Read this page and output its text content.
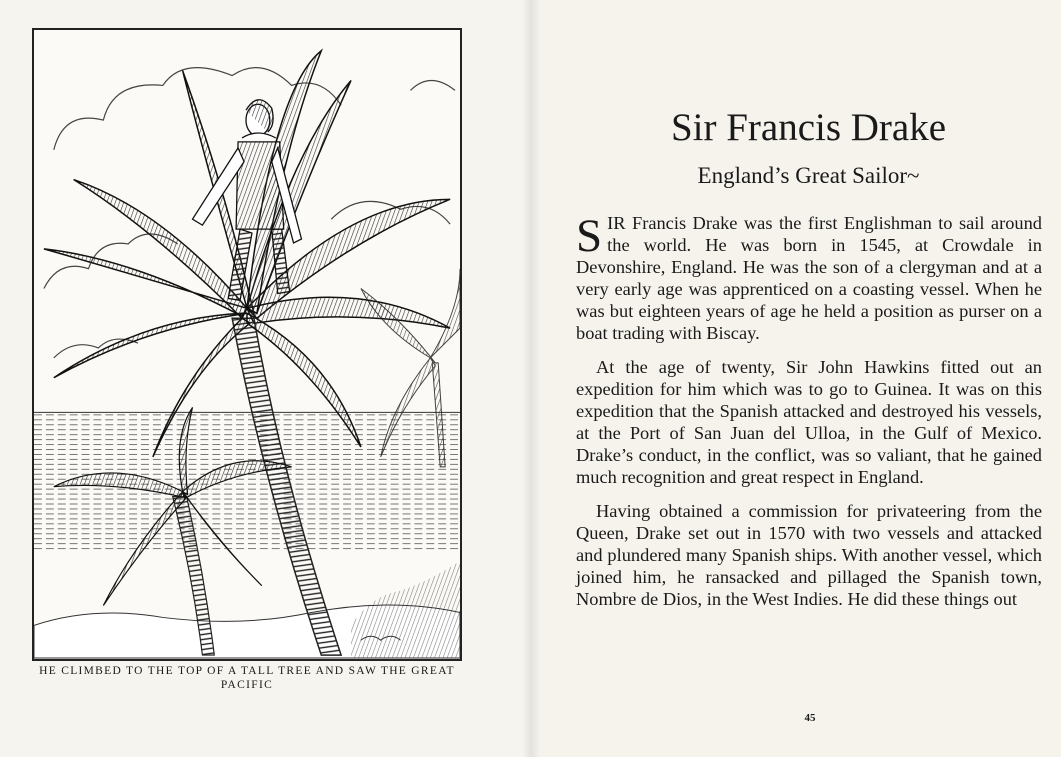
HE CLIMBED TO THE TOP OF A TALL TREE AND SAW THE GREAT PACIFIC
Sir Francis Drake
England’s Great Sailor~

SIR Francis Drake was the first Englishman to sail around the world. He was born in 1545, at Crowdale in Devonshire, England. He was the son of a clergyman and at a very early age was apprenticed on a coasting vessel. When he was but eighteen years of age he held a position as purser on a boat trading with Biscay.

At the age of twenty, Sir John Hawkins fitted out an expedition for him which was to go to Guinea. It was on this expedition that the Spanish attacked and destroyed his vessels, at the Port of San Juan del Ulloa, in the Gulf of Mexico. Drake’s conduct, in the conflict, was so valiant, that he gained much recognition and great respect in England.

Having obtained a commission for privateering from the Queen, Drake set out in 1570 with two vessels and attacked and plundered many Spanish ships. With another vessel, which joined him, he ransacked and pillaged the Spanish town, Nombre de Dios, in the West Indies. He did these things out

45
